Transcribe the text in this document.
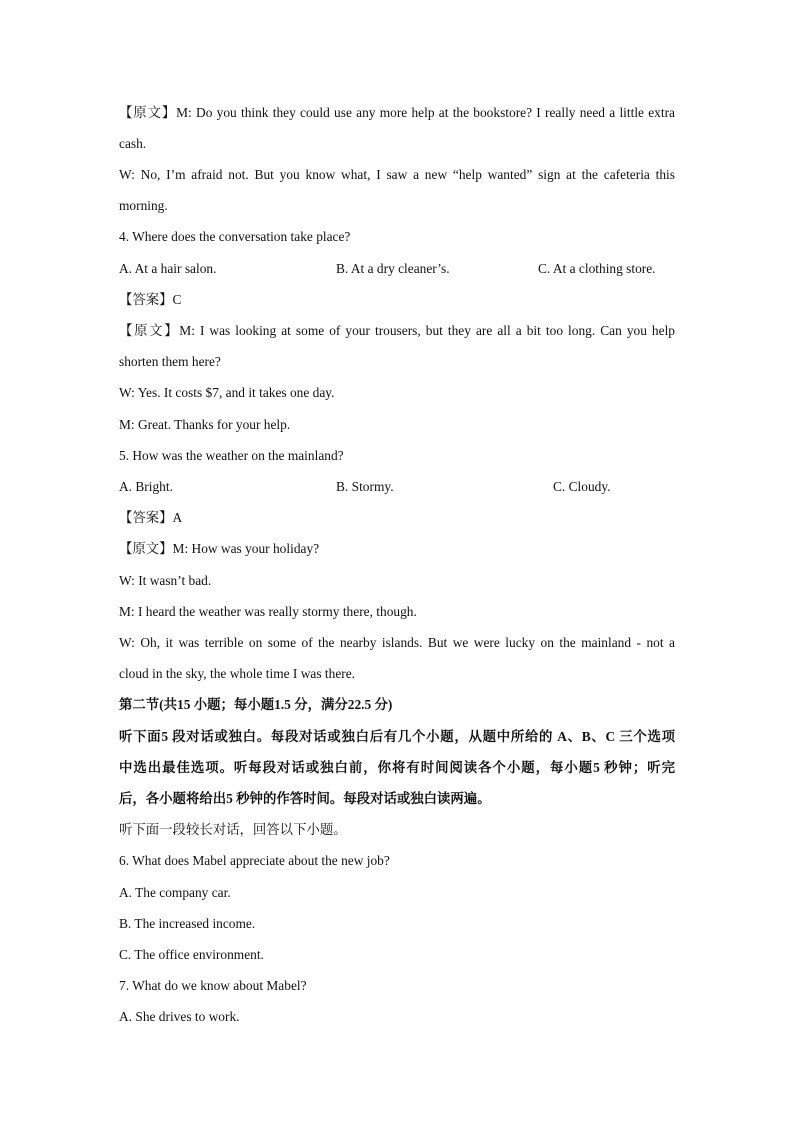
【原文】M: Do you think they could use any more help at the bookstore? I really need a little extra
cash.
W: No, I’m afraid not. But you know what, I saw a new “help wanted” sign at the cafeteria this
morning.
4. Where does the conversation take place?
A. At a hair salon.	B. At a dry cleaner’s.	C. At a clothing store.
【答案】C
【原文】M: I was looking at some of your trousers, but they are all a bit too long. Can you help
shorten them here?
W: Yes. It costs $7, and it takes one day.
M: Great. Thanks for your help.
5. How was the weather on the mainland?
A. Bright.	B. Stormy.	C. Cloudy.
【答案】A
【原文】M: How was your holiday?
W: It wasn’t bad.
M: I heard the weather was really stormy there, though.
W: Oh, it was terrible on some of the nearby islands. But we were lucky on the mainland - not a
cloud in the sky, the whole time I was there.
第二节(共15 小题；每小题1.5 分，满分22.5 分)
听下面5 段对话或独白。每段对话或独白后有几个小题，从题中所给的 A、B、C 三个选项
中选出最佳选项。听每段对话或独白前，你将有时间阅读各个小题，每小题5 秒钟；听完
后，各小题将给出5 秒钟的作答时间。每段对话或独白读两遍。
听下面一段较长对话，回答以下小题。
6. What does Mabel appreciate about the new job?
A. The company car.
B. The increased income.
C. The office environment.
7. What do we know about Mabel?
A. She drives to work.
